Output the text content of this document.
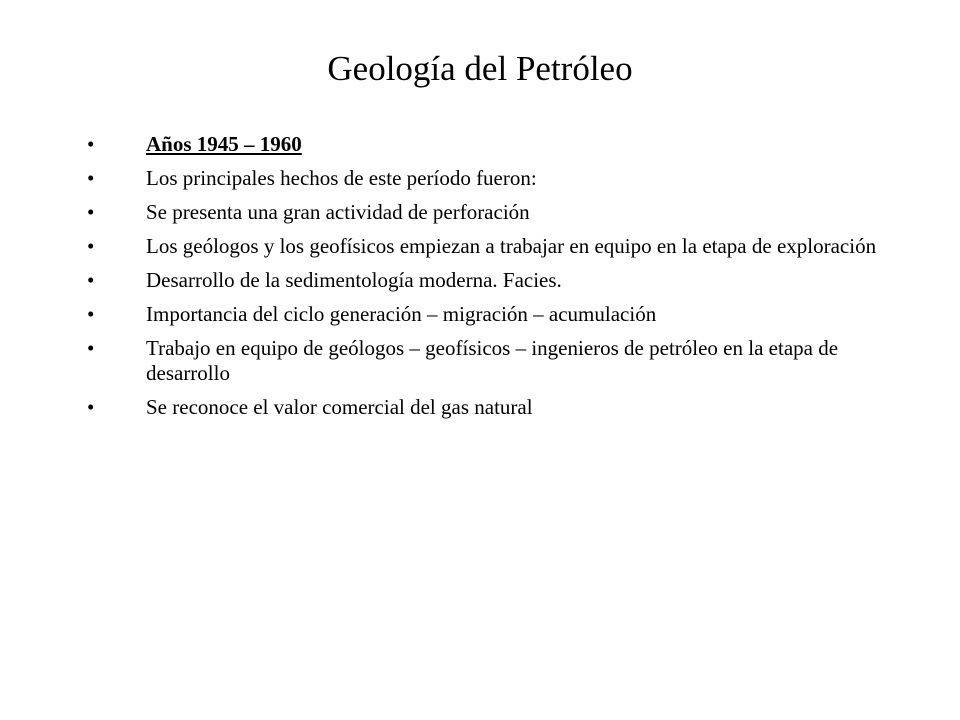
Geología del Petróleo
•	Años 1945 – 1960
•	Los principales hechos de este período fueron:
•	Se presenta una gran actividad de perforación
•	Los geólogos y los geofísicos empiezan a trabajar en equipo en la etapa de exploración
•	Desarrollo de la sedimentología moderna. Facies.
•	Importancia del ciclo generación – migración – acumulación
•	Trabajo en equipo de geólogos – geofísicos – ingenieros de petróleo en la etapa de desarrollo
•	Se reconoce el valor comercial del gas natural
